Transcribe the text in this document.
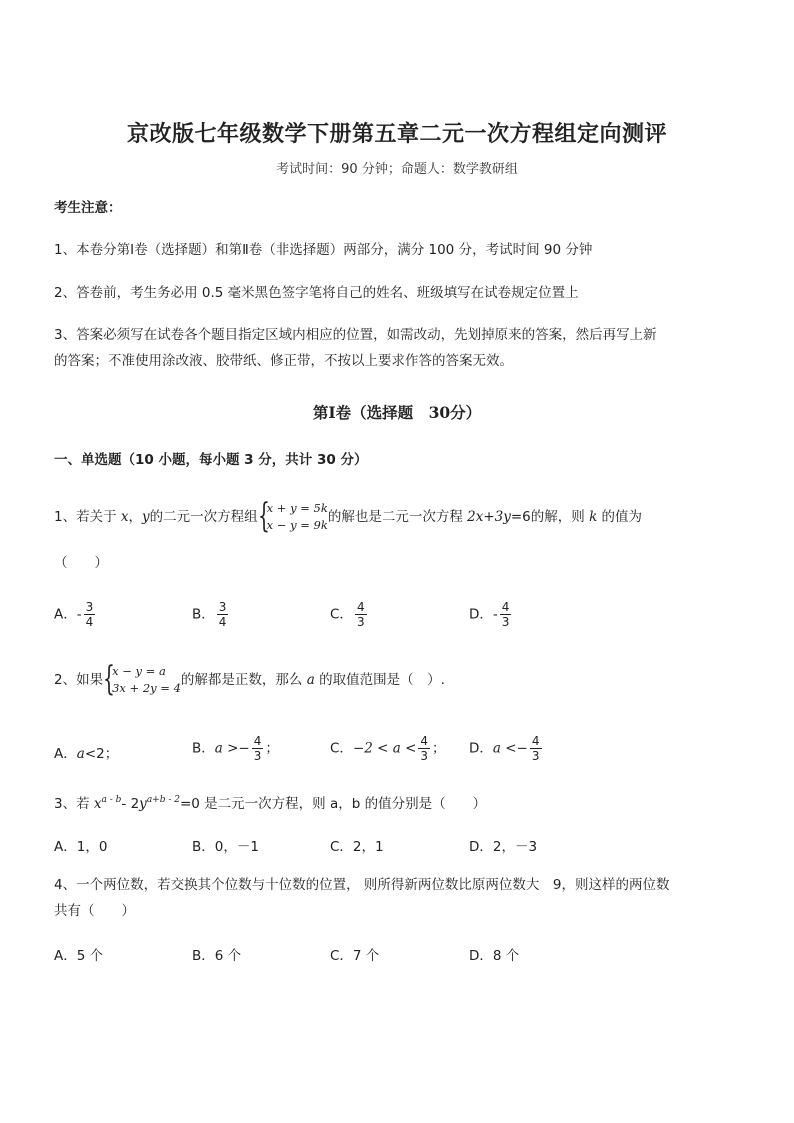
京改版七年级数学下册第五章二元一次方程组定向测评
考试时间：90 分钟；命题人：数学教研组
考生注意：
1、本卷分第Ⅰ卷（选择题）和第Ⅱ卷（非选择题）两部分，满分 100 分，考试时间 90 分钟
2、答卷前，考生务必用 0.5 毫米黑色签字笔将自己的姓名、班级填写在试卷规定位置上
3、答案必须写在试卷各个题目指定区域内相应的位置，如需改动，先划掉原来的答案，然后再写上新
的答案；不准使用涂改液、胶带纸、修正带，不按以上要求作答的答案无效。
第Ⅰ卷（选择题　30分）
一、单选题（10 小题，每小题 3 分，共计 30 分）
1、若关于 x，y的二元一次方程组 {
x + y = 5k
x − y = 9k 的解也是二元一次方程 2x+3y=6的解，则 k 的值为
（　　）
A．- $\frac{3}{4}$	B． $\frac{3}{4}$	C． $\frac{4}{3}$	D．- $\frac{4}{3}$
2、如果 {
x − y = a
3x + 2y = 4 的解都是正数，那么 a 的取值范围是（　）.
A．a<2；	B．$a >- \frac{4}{3}$ ；	C．$-2 < a < \frac{4}{3}$ ； D．$a <- \frac{4}{3}$
3、若 $x^{a - b}-$ $2y^{a+b - 2}=0$ 是二元一次方程，则 a，b 的值分别是（　　）
A．1，0	B．0，－1	C．2，1	D．2，－3
4、一个两位数，若交换其个位数与十位数的位置， 则所得新两位数比原两位数大　9，则这样的两位数
共有（　　）
A．5 个	B．6 个	C．7 个	D．8 个
